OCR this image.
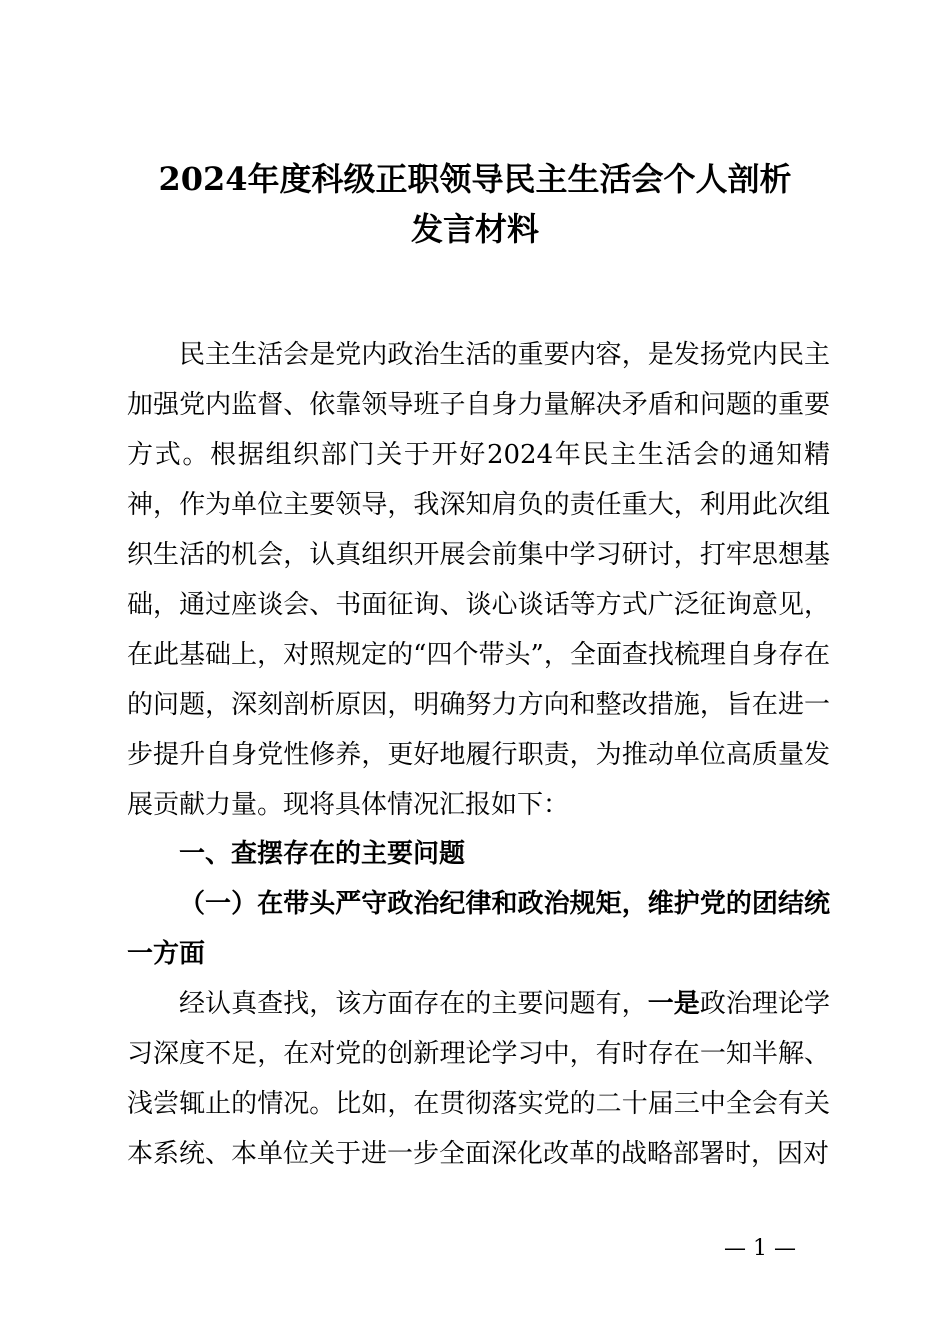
2024年度科级正职领导民主生活会个人剖析
发言材料

民主生活会是党内政治生活的重要内容，是发扬党内民主加强党内监督、依靠领导班子自身力量解决矛盾和问题的重要方式。根据组织部门关于开好2024年民主生活会的通知精神，作为单位主要领导，我深知肩负的责任重大，利用此次组织生活的机会，认真组织开展会前集中学习研讨，打牢思想基础，通过座谈会、书面征询、谈心谈话等方式广泛征询意见，在此基础上，对照规定的“四个带头”，全面查找梳理自身存在的问题，深刻剖析原因，明确努力方向和整改措施，旨在进一步提升自身党性修养，更好地履行职责，为推动单位高质量发展贡献力量。现将具体情况汇报如下：

一、查摆存在的主要问题

（一）在带头严守政治纪律和政治规矩，维护党的团结统一方面

经认真查找，该方面存在的主要问题有，一是政治理论学习深度不足，在对党的创新理论学习中，有时存在一知半解、浅尝辄止的情况。比如，在贯彻落实党的二十届三中全会有关本系统、本单位关于进一步全面深化改革的战略部署时，因对

— 1 —
